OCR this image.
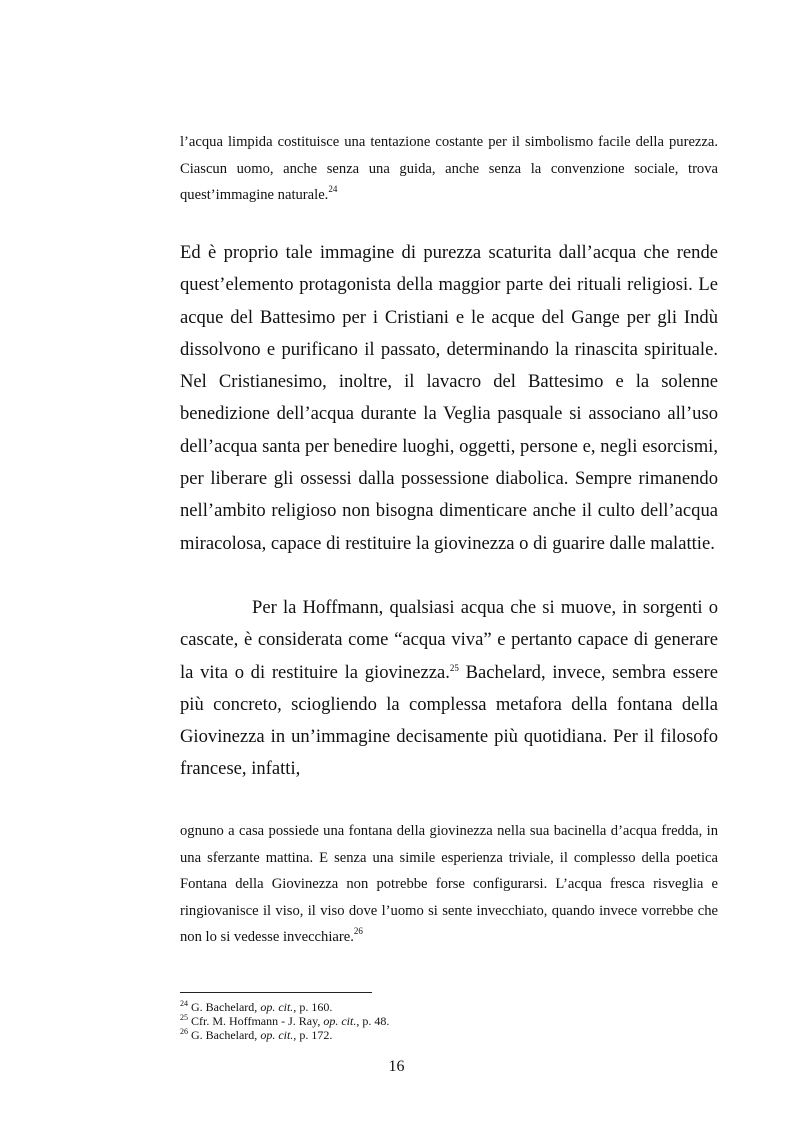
l’acqua limpida costituisce una tentazione costante per il simbolismo facile della purezza. Ciascun uomo, anche senza una guida, anche senza la convenzione sociale, trova quest’immagine naturale.$^{24}$
Ed è proprio tale immagine di purezza scaturita dall’acqua che rende quest’elemento protagonista della maggior parte dei rituali religiosi. Le acque del Battesimo per i Cristiani e le acque del Gange per gli Indù dissolvono e purificano il passato, determinando la rinascita spirituale. Nel Cristianesimo, inoltre, il lavacro del Battesimo e la solenne benedizione dell’acqua durante la Veglia pasquale si associano all’uso dell’acqua santa per benedire luoghi, oggetti, persone e, negli esorcismi, per liberare gli ossessi dalla possessione diabolica. Sempre rimanendo nell’ambito religioso non bisogna dimenticare anche il culto dell’acqua miracolosa, capace di restituire la giovinezza o di guarire dalle malattie.
Per la Hoffmann, qualsiasi acqua che si muove, in sorgenti o cascate, è considerata come “acqua viva” e pertanto capace di generare la vita o di restituire la giovinezza.$^{25}$ Bachelard, invece, sembra essere più concreto, sciogliendo la complessa metafora della fontana della Giovinezza in un’immagine decisamente più quotidiana. Per il filosofo francese, infatti,
ognuno a casa possiede una fontana della giovinezza nella sua bacinella d’acqua fredda, in una sferzante mattina. E senza una simile esperienza triviale, il complesso della poetica Fontana della Giovinezza non potrebbe forse configurarsi. L’acqua fresca risveglia e ringiovanisce il viso, il viso dove l’uomo si sente invecchiato, quando invece vorrebbe che non lo si vedesse invecchiare.$^{26}$
$^{24}$ G. Bachelard, op. cit., p. 160.
$^{25}$ Cfr. M. Hoffmann - J. Ray, op. cit., p. 48.
$^{26}$ G. Bachelard, op. cit., p. 172.
16
